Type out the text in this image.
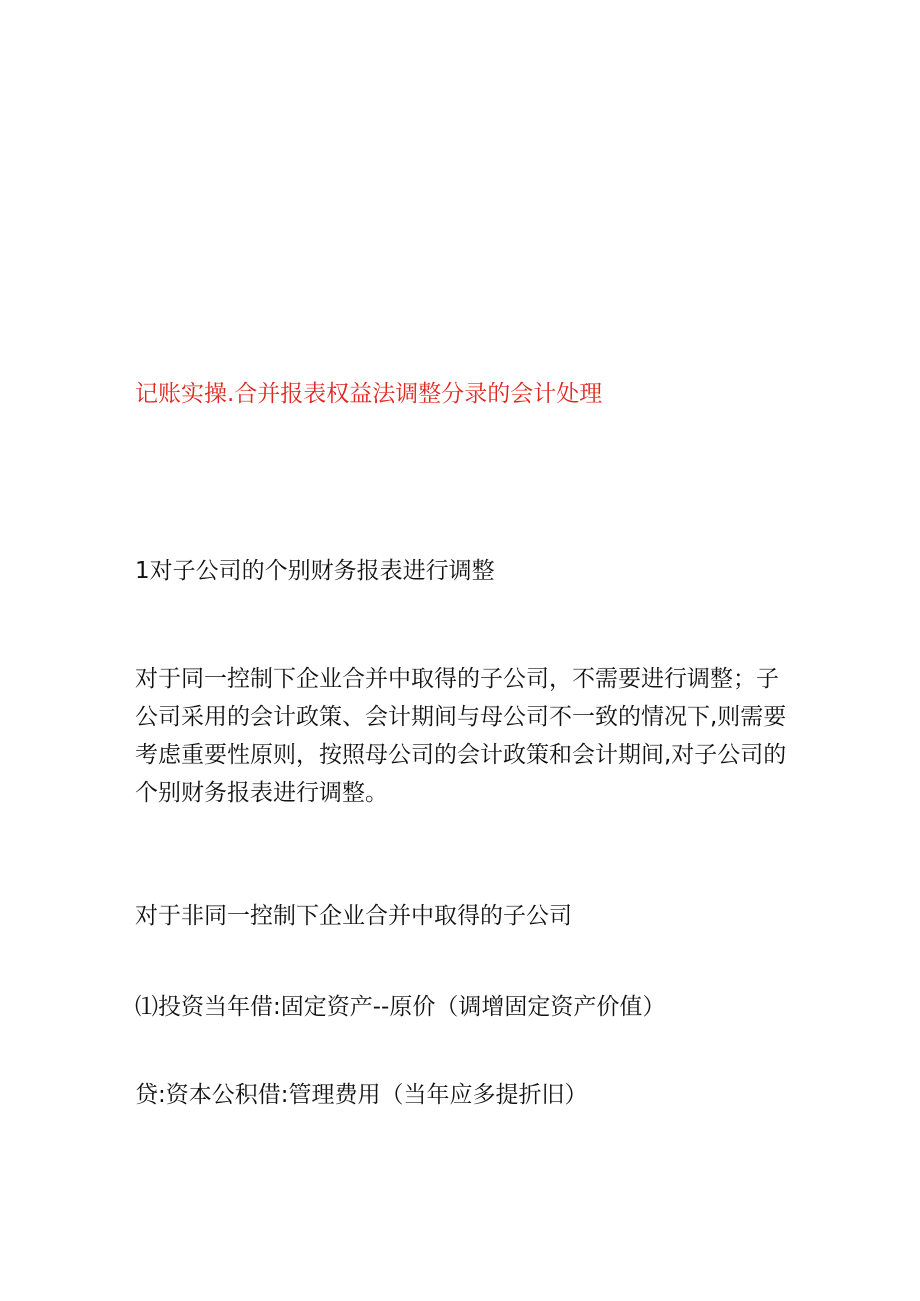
记账实操.合并报表权益法调整分录的会计处理
1对子公司的个别财务报表进行调整
对于同一控制下企业合并中取得的子公司，不需要进行调整；子
公司采用的会计政策、会计期间与母公司不一致的情况下,则需要
考虑重要性原则，按照母公司的会计政策和会计期间,对子公司的
个别财务报表进行调整。
对于非同一控制下企业合并中取得的子公司
⑴投资当年借:固定资产--原价（调增固定资产价值）
贷:资本公积借:管理费用（当年应多提折旧）
